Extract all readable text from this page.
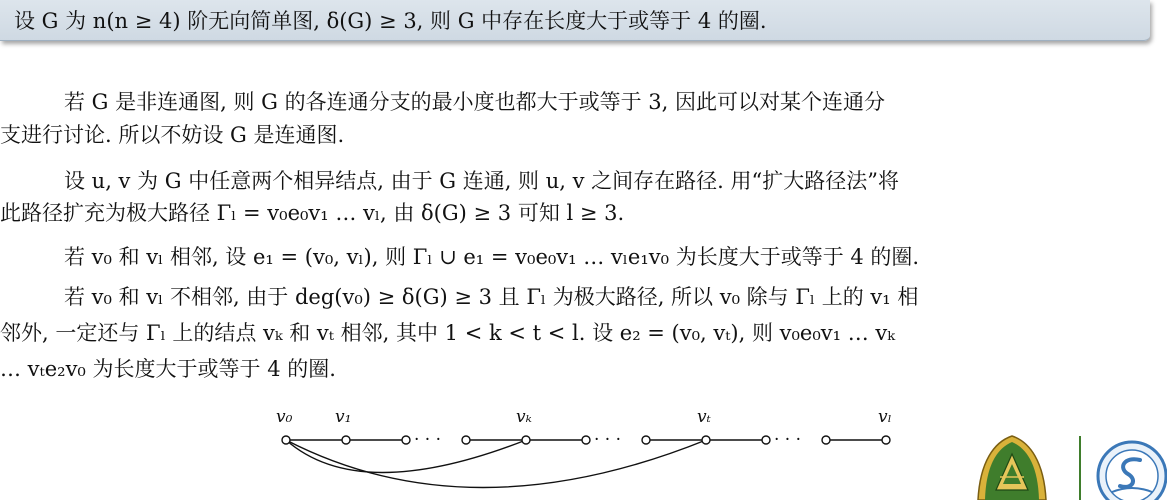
设 G 为 n(n ≥ 4) 阶无向简单图, δ(G) ≥ 3, 则 G 中存在长度大于或等于 4 的圈.
若 G 是非连通图, 则 G 的各连通分支的最小度也都大于或等于 3, 因此可以对某个连通分
支进行讨论. 所以不妨设 G 是连通图.
设 u, v 为 G 中任意两个相异结点, 由于 G 连通, 则 u, v 之间存在路径. 用“扩大路径法”将
此路径扩充为极大路径 Γₗ = v₀e₀v₁ … vₗ, 由 δ(G) ≥ 3 可知 l ≥ 3.
若 v₀ 和 vₗ 相邻, 设 e₁ = (v₀, vₗ), 则 Γₗ ∪ e₁ = v₀e₀v₁ … vₗe₁v₀ 为长度大于或等于 4 的圈.
若 v₀ 和 vₗ 不相邻, 由于 deg(v₀) ≥ δ(G) ≥ 3 且 Γₗ 为极大路径, 所以 v₀ 除与 Γₗ 上的 v₁ 相
邻外, 一定还与 Γₗ 上的结点 vₖ 和 vₜ 相邻, 其中 1 < k < t < l. 设 e₂ = (v₀, vₜ), 则 v₀e₀v₁ … vₖ
… vₜe₂v₀ 为长度大于或等于 4 的圈.
v₀	v₁	vₖ	vₜ	vₗ
· · ·	· · ·	· · ·
